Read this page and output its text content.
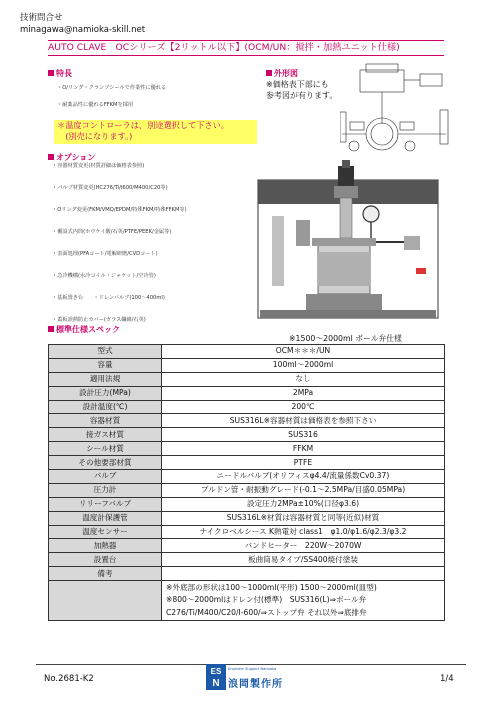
技術問合せ
minagawa@namioka-skill.net
AUTO CLAVE　OCシリーズ【2リットル以下】(OCM/UN：撹拌・加熱ユニット仕様)
特長
・O/リング・クランプシールで作業性に優れる
・耐薬品性に優れるFFKMを採用
＊温度コントローラは、別途選択して下さい。
　(別売になります。)
外形図
※価格表下部にも
参考図が有ります。
オプション
・容器材質変更(材質詳細は価格表参照)
・バルブ材質変更(HC276/Ti/I600/M400/C20等)
・Oリング変更(FKM/VMQ/EPDM/特殊FKM/特殊FFKM等)
・覆設式内筒(ホウケイ酸/石英/PTFE/PEEK/金属等)
・表面処理(PFAコート/電解研磨/CVDコート)
・急冷機構(水冷コイル・ジャケット/空冷管)
・基板置き台　　・ドレンバルブ(100〜400ml)
・蓋板誤熱防止カバー(ガラス繊維/石英)
標準仕様スペック
※1500〜2000ml ボール弁仕様
型式	OCM＊＊＊/UN
容量	100ml〜2000ml
適用法規	なし
設計圧力(MPa)	2MPa
設計温度(℃)	200℃
容器材質	SUS316L※容器材質は価格表を参照下さい
接ガス材質	SUS316
シール材質	FFKM
その他要部材質	PTFE
バルブ	ニードルバルブ(オリフィスφ4.4/流量係数Cv0.37)
圧力計	ブルドン管・耐振動グレード(-0.1〜2.5MPa/目盛0.05MPa)
リリーフバルブ	設定圧力2MPa±10%(口径φ3.6)
温度計保護管	SUS316L※材質は容器材質と同等(近似)材質
温度センサー	ナイクロベルシース K熱電対 class1　φ1.0/φ1.6/φ2.3/φ3.2
加熱器	バンドヒーター　220W〜2070W
設置台	板曲筒易タイプ/SS400焼付塗装
備考	
	※外底部の形状は100〜1000ml(平形) 1500〜2000ml(皿型)
	※800〜2000mlはドレン付(標準)　SUS316(L)⇒ボール弁
	C276/Ti/M400/C20/I-600/⇒ストップ弁 それ以外⇒底排弁
No.2681-K2
ES
N
Engineer Support Namioka
浪岡製作所	1/4
